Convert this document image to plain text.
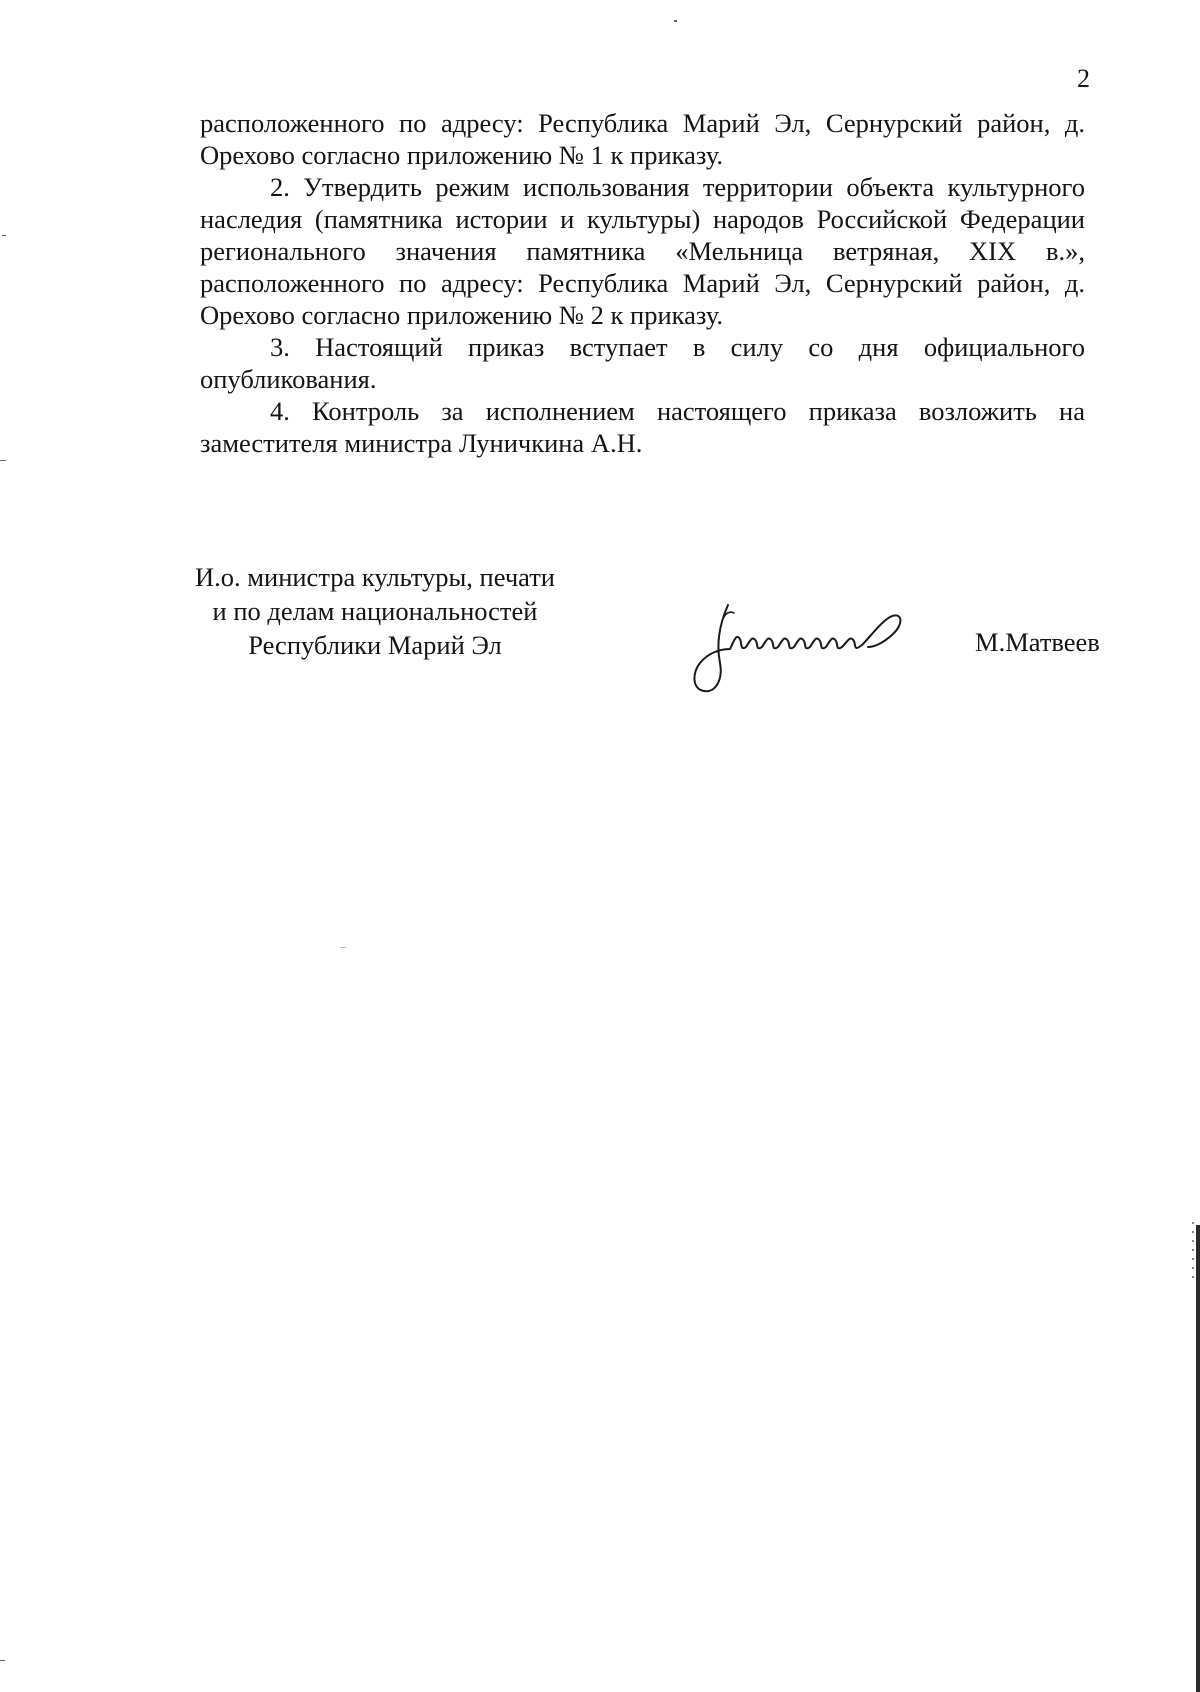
2

расположенного по адресу: Республика Марий Эл, Сернурский район, д. Орехово согласно приложению № 1 к приказу.

2. Утвердить режим использования территории объекта культурного наследия (памятника истории и культуры) народов Российской Федерации регионального значения памятника «Мельница ветряная, XIX в.», расположенного по адресу: Республика Марий Эл, Сернурский район, д. Орехово согласно приложению № 2 к приказу.

3. Настоящий приказ вступает в силу со дня официального опубликования.

4. Контроль за исполнением настоящего приказа возложить на заместителя министра Луничкина А.Н.

И.о. министра культуры, печати
и по делам национальностей
Республики Марий Эл	М.Матвеев
